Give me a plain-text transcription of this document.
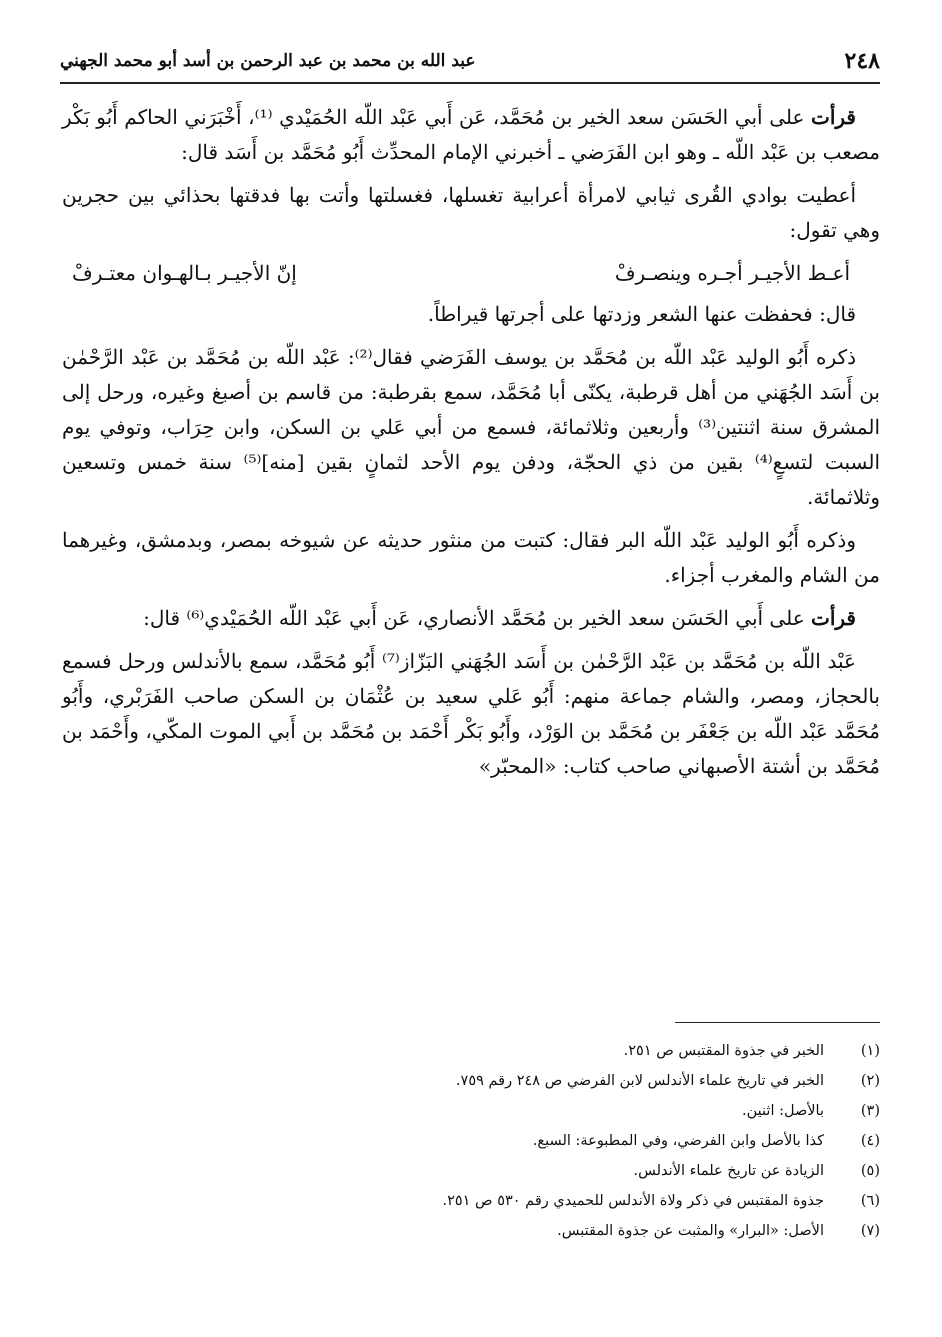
٢٤٨
عبد الله بن محمد بن عبد الرحمن بن أسد أبو محمد الجهني

قرأت على أبي الحَسَن سعد الخير بن مُحَمَّد، عَن أَبي عَبْد اللّه الحُمَيْدي ⁽¹⁾، أَخْبَرَني الحاكم أَبُو بَكْر مصعب بن عَبْد اللّه ـ وهو ابن الفَرَضي ـ أخبرني الإمام المحدِّث أَبُو مُحَمَّد بن أَسَد قال:

أعطيت بوادي القُرى ثيابي لامرأة أعرابية تغسلها، فغسلتها وأتت بها فدقتها بحذائي بين حجرين وهي تقول:

أعـط الأجيـر أجـره وينصـرفْ
إنّ الأجيـر بـالهـوان معتـرفْ

قال: فحفظت عنها الشعر وزدتها على أجرتها قيراطاً.

ذكره أَبُو الوليد عَبْد اللّه بن مُحَمَّد بن يوسف الفَرَضي فقال⁽²⁾: عَبْد اللّه بن مُحَمَّد بن عَبْد الرَّحْمٰن بن أَسَد الجُهَني من أهل قرطبة، يكنّى أبا مُحَمَّد، سمع بقرطبة: من قاسم بن أصبغ وغيره، ورحل إلى المشرق سنة اثنتين⁽³⁾ وأربعين وثلاثمائة، فسمع من أبي عَلي بن السكن، وابن حِرَاب، وتوفي يوم السبت لتسعٍ⁽⁴⁾ بقين من ذي الحجّة، ودفن يوم الأحد لثمانٍ بقين [منه]⁽⁵⁾ سنة خمس وتسعين وثلاثمائة.

وذكره أَبُو الوليد عَبْد اللّه البر فقال: كتبت من منثور حديثه عن شيوخه بمصر، وبدمشق، وغيرهما من الشام والمغرب أجزاء.

قرأت على أَبي الحَسَن سعد الخير بن مُحَمَّد الأنصاري، عَن أَبي عَبْد اللّه الحُمَيْدي⁽⁶⁾ قال:

عَبْد اللّه بن مُحَمَّد بن عَبْد الرَّحْمٰن بن أَسَد الجُهَني البَزّاز⁽⁷⁾ أَبُو مُحَمَّد، سمع بالأندلس ورحل فسمع بالحجاز، ومصر، والشام جماعة منهم: أَبُو عَلي سعيد بن عُثْمَان بن السكن صاحب الفَرَبْري، وأَبُو مُحَمَّد عَبْد اللّه بن جَعْفَر بن مُحَمَّد بن الوَرْد، وأَبُو بَكْر أَحْمَد بن مُحَمَّد بن أَبي الموت المكّي، وأَحْمَد بن مُحَمَّد بن أشتة الأصبهاني صاحب كتاب: «المحبّر»

(١)
الخبر في جذوة المقتبس ص ٢٥١.
(٢)
الخبر في تاريخ علماء الأندلس لابن الفرضي ص ٢٤٨ رقم ٧٥٩.
(٣)
بالأصل: اثنين.
(٤)
كذا بالأصل وابن الفرضي، وفي المطبوعة: السبع.
(٥)
الزيادة عن تاريخ علماء الأندلس.
(٦)
جذوة المقتبس في ذكر ولاة الأندلس للحميدي رقم ٥٣٠ ص ٢٥١.
(٧)
الأصل: «البرار» والمثبت عن جذوة المقتبس.
